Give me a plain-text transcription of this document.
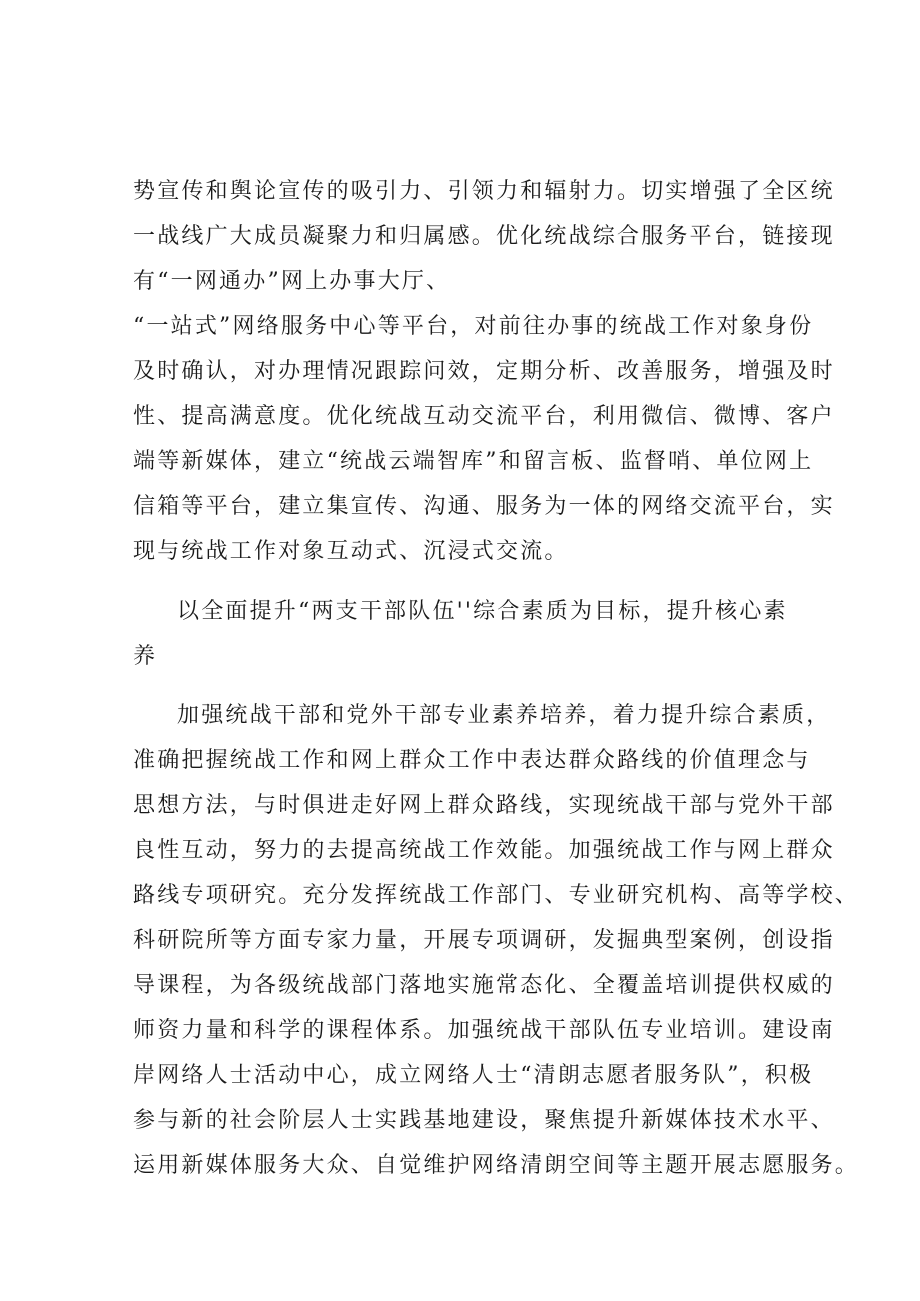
势宣传和舆论宣传的吸引力、引领力和辐射力。切实增强了全区统
一战线广大成员凝聚力和归属感。优化统战综合服务平台，链接现
有“一网通办”网上办事大厅、
“一站式”网络服务中心等平台，对前往办事的统战工作对象身份
及时确认，对办理情况跟踪问效，定期分析、改善服务，增强及时
性、提高满意度。优化统战互动交流平台，利用微信、微博、客户
端等新媒体，建立“统战云端智库”和留言板、监督哨、单位网上
信箱等平台，建立集宣传、沟通、服务为一体的网络交流平台，实
现与统战工作对象互动式、沉浸式交流。
以全面提升“两支干部队伍''综合素质为目标，提升核心素
养
加强统战干部和党外干部专业素养培养，着力提升综合素质，
准确把握统战工作和网上群众工作中表达群众路线的价值理念与
思想方法，与时俱进走好网上群众路线，实现统战干部与党外干部
良性互动，努力的去提高统战工作效能。加强统战工作与网上群众
路线专项研究。充分发挥统战工作部门、专业研究机构、高等学校、
科研院所等方面专家力量，开展专项调研，发掘典型案例，创设指
导课程，为各级统战部门落地实施常态化、全覆盖培训提供权威的
师资力量和科学的课程体系。加强统战干部队伍专业培训。建设南
岸网络人士活动中心，成立网络人士“清朗志愿者服务队”，积极
参与新的社会阶层人士实践基地建设，聚焦提升新媒体技术水平、
运用新媒体服务大众、自觉维护网络清朗空间等主题开展志愿服务。
